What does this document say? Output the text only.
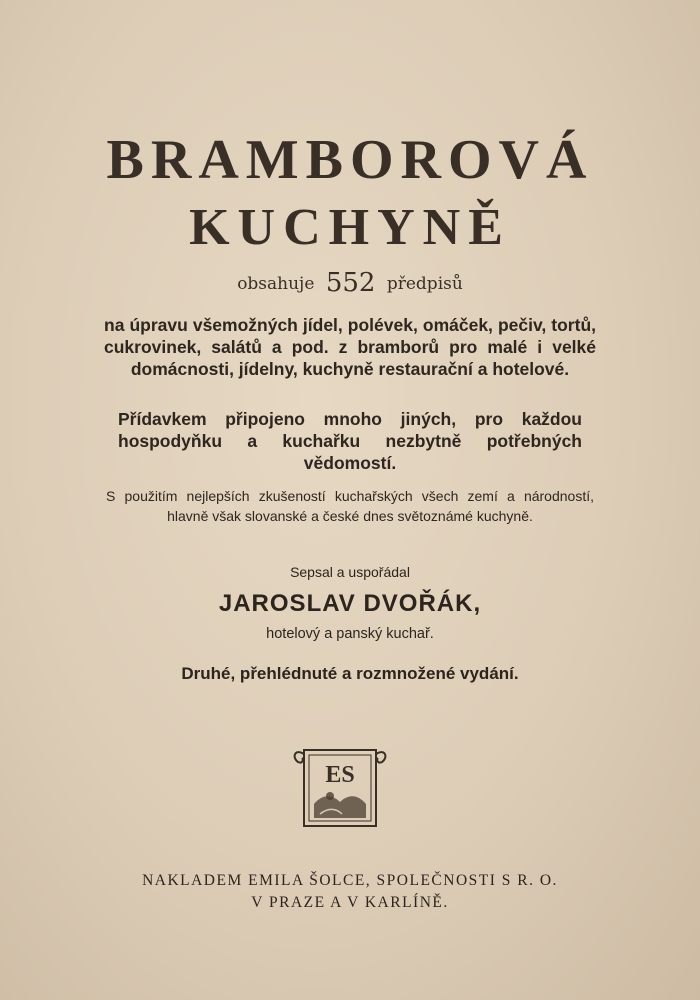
BRAMBOROVÁ
KUCHYNĚ
obsahuje 552 předpisů
na úpravu všemožných jídel, polévek, omáček, pečiv, tortů, cukrovinek, salátů a pod. z bramborů pro malé i velké domácnosti, jídelny, kuchyně restaurační a hotelové.
Přídavkem připojeno mnoho jiných, pro každou hospodyňku a kuchařku nezbytně potřebných vědomostí.
S použitím nejlepších zkušeností kuchařských všech zemí a národností, hlavně však slovanské a české dnes světoznámé kuchyně.
Sepsal a uspořádal
JAROSLAV DVOŘÁK,
hotelový a panský kuchař.
Druhé, přehlédnuté a rozmnožené vydání.
ES
NAKLADEM EMILA ŠOLCE, SPOLEČNOSTI S R. O.
V PRAZE A V KARLÍNĚ.
